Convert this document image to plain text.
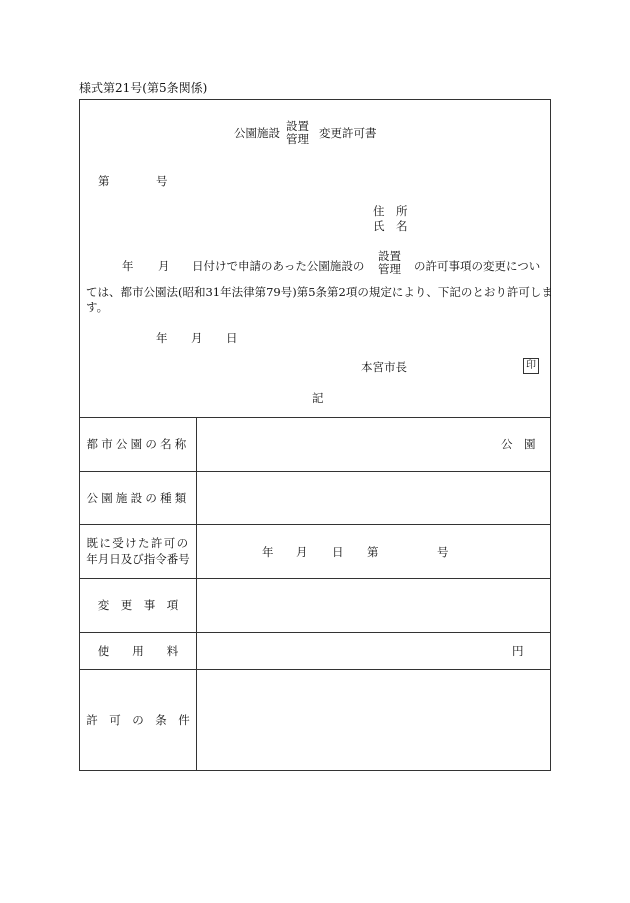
様式第21号(第5条関係)
公園施設 設置
管理 変更許可書
第	号
住　所
氏　名
年 月 日付けで申請のあった公園施設の
設置
管理 の許可事項の変更につい
ては、都市公園法(昭和31年法律第79号)第5条第2項の規定により、下記のとおり許可しま
す。
年 月 日
本宮市長	印
記
都市公園の名称	公　園
公園施設の種類
既に受けた許可の
年月日及び指令番号	年 月 日 第	号
変　更　事　項
使　　用　　料	円
許　可　の　条　件
